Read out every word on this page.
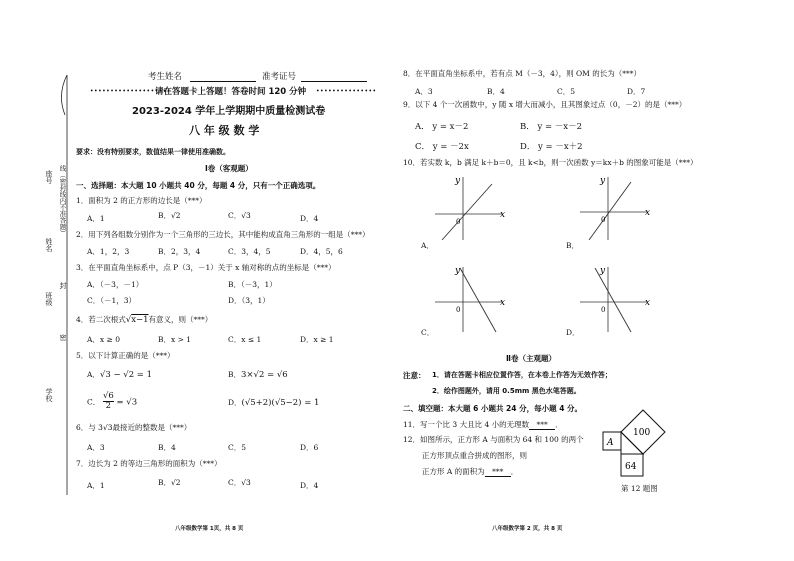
座号
姓名
班级
学校
线（密封线内不准答题）
封
密
考生姓名	准考证号
••••••••••••••••••••
请在答题卡上答题！答卷时间 120 分钟 •••••••••••••••
2023-2024 学年上学期期中质量检测试卷
八 年 级 数 学
要求：没有特别要求，数值结果一律使用准确数。
Ⅰ卷（客观题）
一、选择题：本大题 10 小题共 40 分，每题 4 分，只有一个正确选项。
1．面积为 2 的正方形的边长是（***）
A．1	B．√2	C．√3	D．4
2．用下列各组数分别作为一个三角形的三边长，其中能构成直角三角形的一组是（***）
A．1，2，3	B．2，3，4	C．3，4，5	D．4，5，6
3．在平面直角坐标系中，点 P（3，－1）关于 x 轴对称的点的坐标是（***）
A．（－3，－1）	B．（－3，1）
C．（－1，3）	D．（3，1）
4．若二次根式√x−1有意义，则（***）
A．x ≥ 0	B．x > 1	C．x ≤ 1	D．x ≥ 1
5．以下计算正确的是（***）
A．√3 − √2 = 1	B．3×√2 = √6
C． $\frac{√6}{2} = √3$	D．(√5+2)(√5−2) = 1
6．与 3√3最接近的整数是（***）
A．3	B．4	C．5	D．6
7．边长为 2 的等边三角形的面积为（***）
A．1	B．√2	C．√3	D．4
八年级数学第 1页，共 8 页
8．在平面直角坐标系中，若有点 M（－3，4），则 OM 的长为（***）
A．3	B．4	C．5	D．7
9．以下 4 个一次函数中，y 随 x 增大而减小，且其图象过点（0，－2）的是（***）
A． y = x－2	B． y = －x－2
C． y = －2x	D． y = －x＋2
10．若实数 k，b 满足 k＋b＝0，且 k<b，则一次函数 y＝kx＋b 的图象可能是（***）
y
x
0
A．
y
x
0
B．
y
x
0
C．
y
x
0
D．
Ⅱ卷（主观题）
注意： 1．请在答题卡相应位置作答，在本卷上作答为无效作答；
2．绘作图题外，请用 0.5mm 黑色水笔答题。
二、填空题：本大题 6 小题共 24 分，每小题 4 分。
11．写一个比 3 大且比 4 小的无理数 *** ．
12．如图所示，正方形 A 与面积为 64 和 100 的两个
正方形顶点重合拼成的图形，则
正方形 A 的面积为 *** ．
A
100
64
第 12 题图
八年级数学第 2 页，共 8 页
